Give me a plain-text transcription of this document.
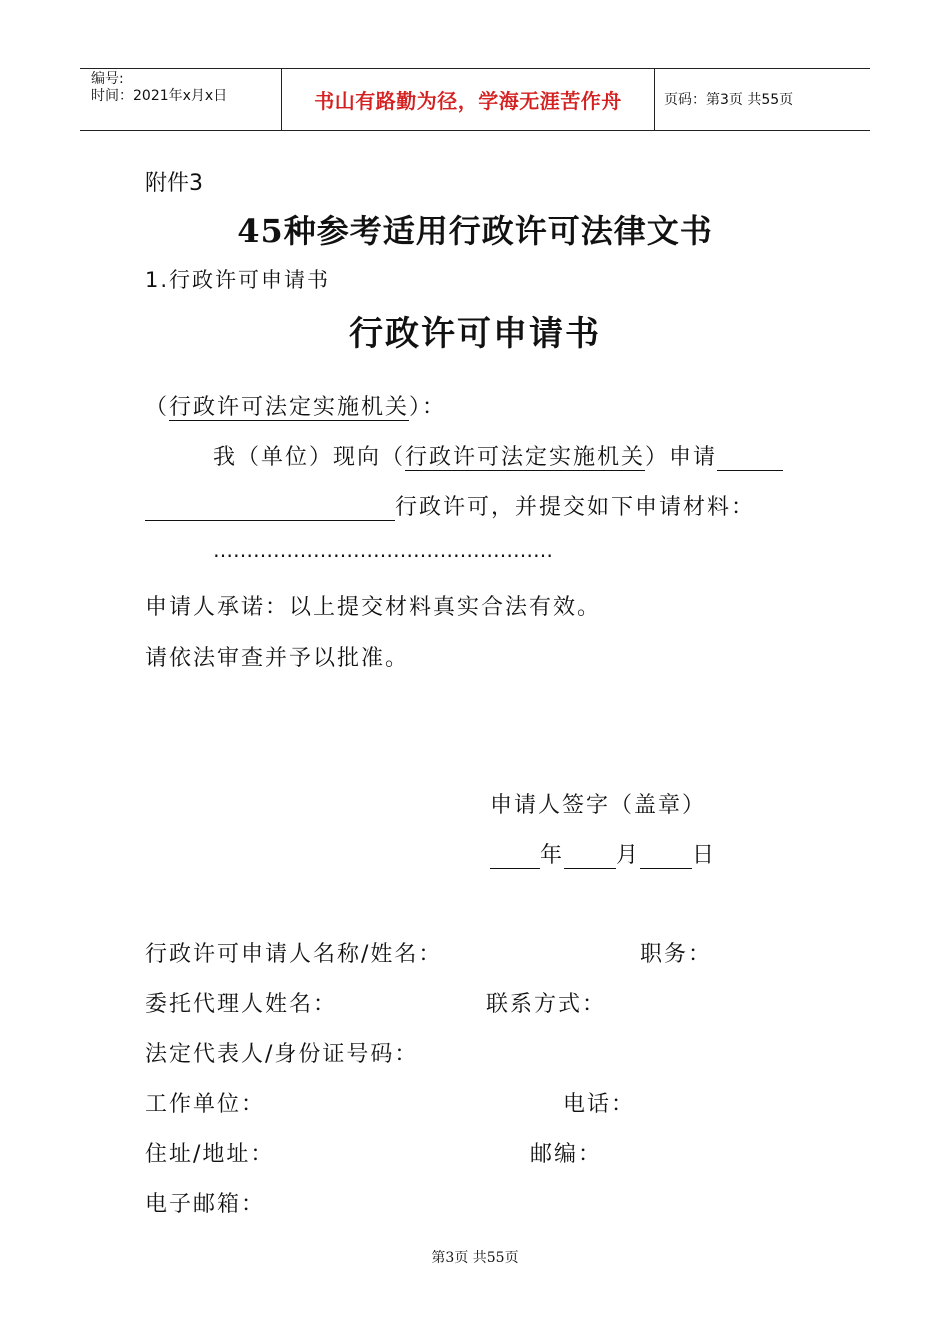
编号:
时间：2021年x月x日	书山有路勤为径，学海无涯苦作舟	页码：第3页 共55页
附件3
45种参考适用行政许可法律文书
1.行政许可申请书
行政许可申请书
（行政许可法定实施机关）：
我（单位）现向（行政许可法定实施机关）申请
行政许可，并提交如下申请材料：
……………………………………………
申请人承诺：以上提交材料真实合法有效。
请依法审查并予以批准。
申请人签字（盖章）
年 月 日
行政许可申请人名称/姓名：	职务：
委托代理人姓名：	联系方式：
法定代表人/身份证号码：
工作单位：	电话：
住址/地址：	邮编：
电子邮箱：
第3页 共55页
